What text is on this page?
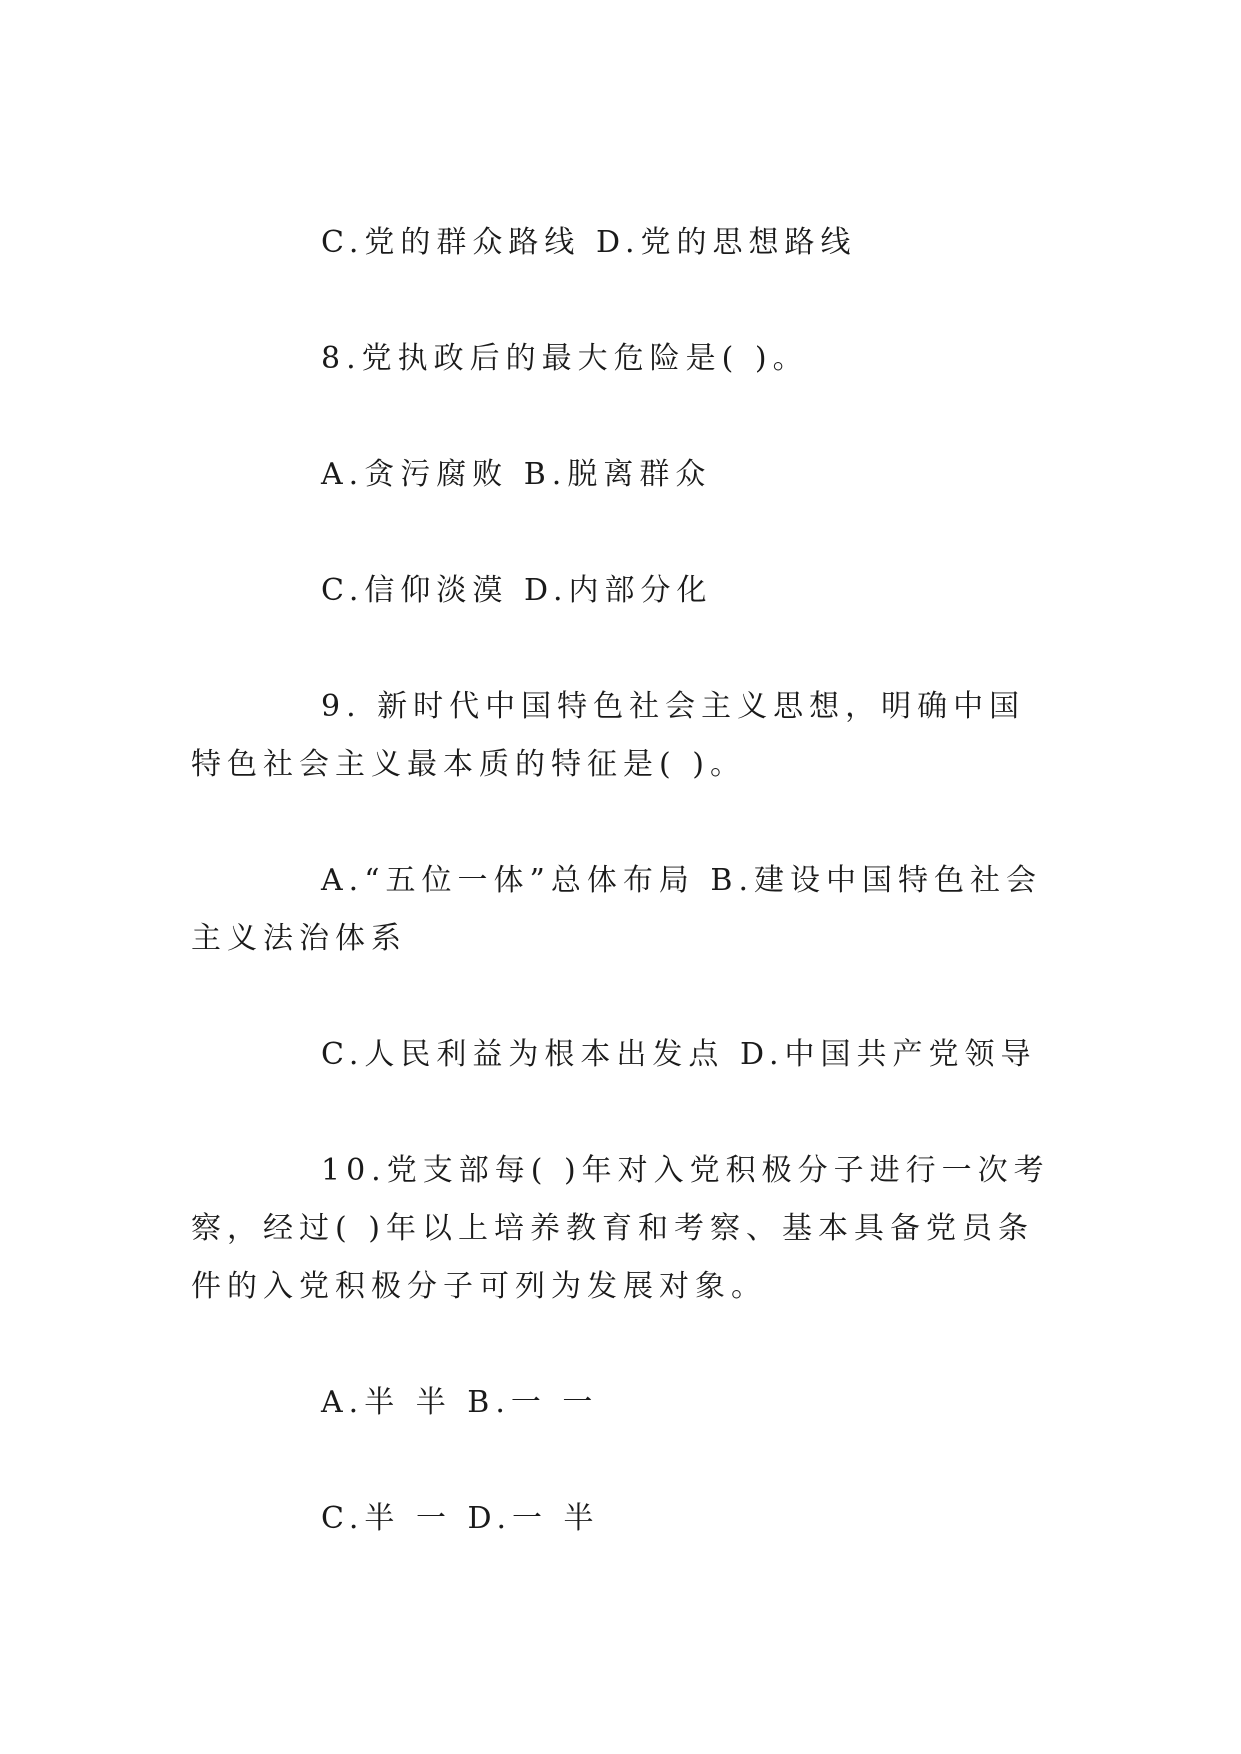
C.党的群众路线 D.党的思想路线

8.党执政后的最大危险是( )。

A.贪污腐败 B.脱离群众

C.信仰淡漠 D.内部分化

9. 新时代中国特色社会主义思想，明确中国特色社会主义最本质的特征是( )。

A.“五位一体”总体布局 B.建设中国特色社会主义法治体系

C.人民利益为根本出发点 D.中国共产党领导

10.党支部每( )年对入党积极分子进行一次考察，经过( )年以上培养教育和考察、基本具备党员条件的入党积极分子可列为发展对象。

A.半 半 B.一 一

C.半 一 D.一 半
